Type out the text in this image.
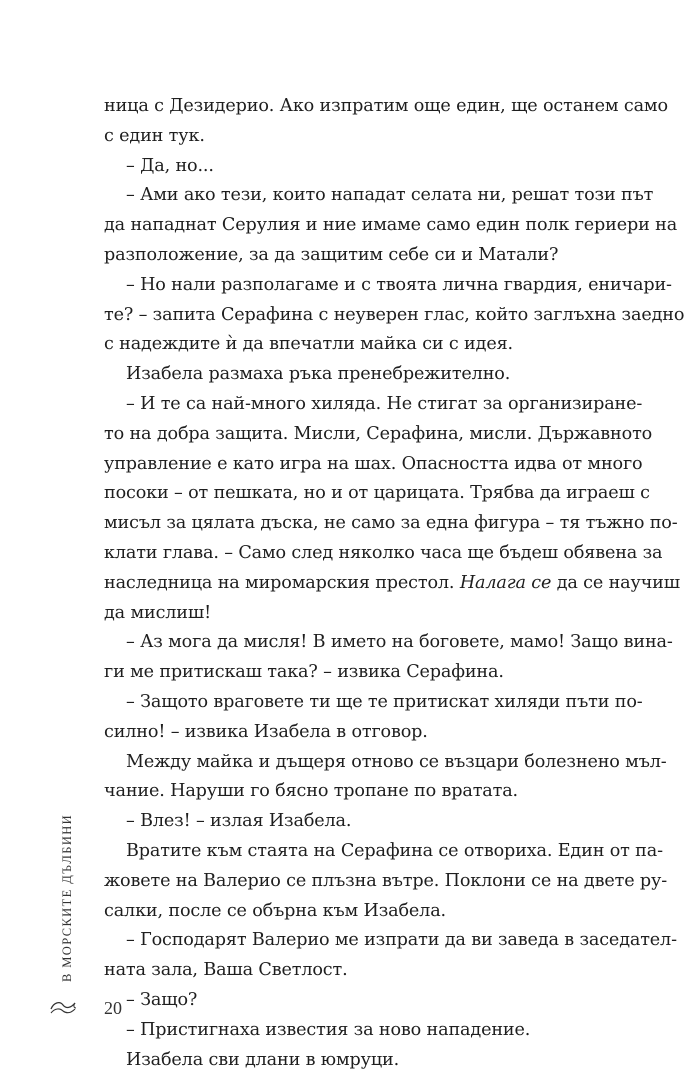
ница с Дезидерио. Ако изпратим още един, ще останем само
с един тук.
– Да, но...
– Ами ако тези, които нападат селата ни, решат този път
да нападнат Серулия и ние имаме само един полк гериери на
разположение, за да защитим себе си и Матали?
– Но нали разполагаме и с твоята лична гвардия, еничари-
те? – запита Серафина с неуверен глас, който заглъхна заедно
с надеждите ѝ да впечатли майка си с идея.
Изабела размаха ръка пренебрежително.
– И те са най-много хиляда. Не стигат за организиране-
то на добра защита. Мисли, Серафина, мисли. Държавното
управление е като игра на шах. Опасността идва от много
посоки – от пешката, но и от царицата. Трябва да играеш с
мисъл за цялата дъска, не само за една фигура – тя тъжно по-
клати глава. – Само след няколко часа ще бъдеш обявена за
наследница на миромарския престол. Налага се да се научиш
да мислиш!
– Аз мога да мисля! В името на боговете, мамо! Защо вина-
ги ме притискаш така? – извика Серафина.
– Защото враговете ти ще те притискат хиляди пъти по-
силно! – извика Изабела в отговор.
Между майка и дъщеря отново се възцари болезнено мъл-
чание. Наруши го бясно тропане по вратата.
– Влез! – излая Изабела.
Вратите към стаята на Серафина се отвориха. Един от па-
жовете на Валерио се плъзна вътре. Поклони се на двете ру-
салки, после се обърна към Изабела.
– Господарят Валерио ме изпрати да ви заведа в заседател-
ната зала, Ваша Светлост.
– Защо?
– Пристигнаха известия за ново нападение.
Изабела сви длани в юмруци.
В МОРСКИТЕ ДЪЛБИНИ
20
